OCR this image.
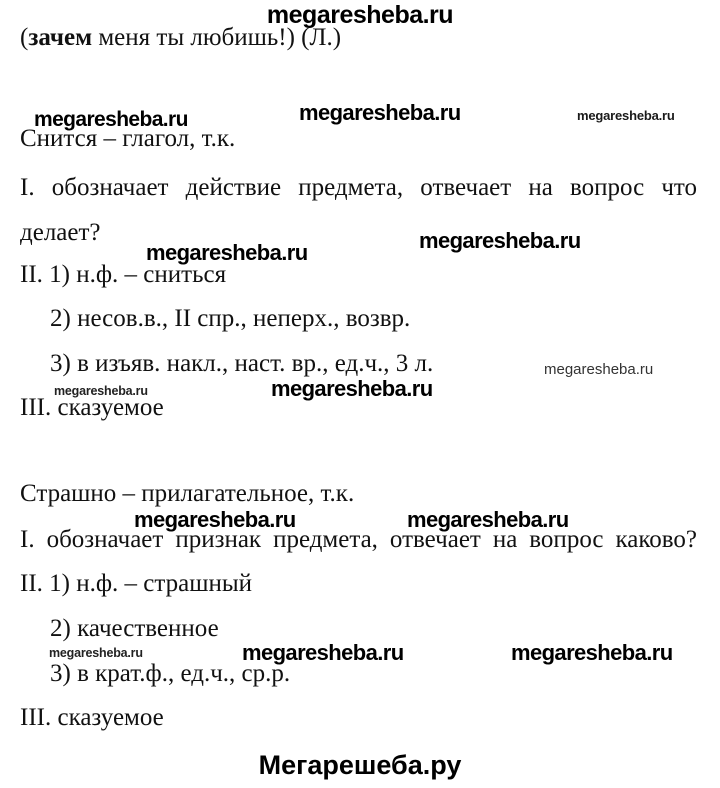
megaresheba.ru
(зачем меня ты любишь!) (Л.)
megaresheba.ru
megaresheba.ru	megaresheba.ru
megaresheba.ru	megaresheba.ru
megaresheba.ru
megaresheba.ru
megaresheba.ru
megaresheba.ru	megaresheba.ru
megaresheba.ru	megaresheba.ru	megaresheba.ru
Снится – глагол, т.к.
I. обозначает действие предмета, отвечает на вопрос что
делает?
II. 1) н.ф. – сниться
2) несов.в., II спр., неперх., возвр.
3) в изъяв. накл., наст. вр., ед.ч., 3 л.
III. сказуемое
Страшно – прилагательное, т.к.
I. обозначает признак предмета, отвечает на вопрос каково?
II. 1) н.ф. – страшный
2) качественное
3) в крат.ф., ед.ч., ср.р.
III. сказуемое
Мегарешеба.ру
